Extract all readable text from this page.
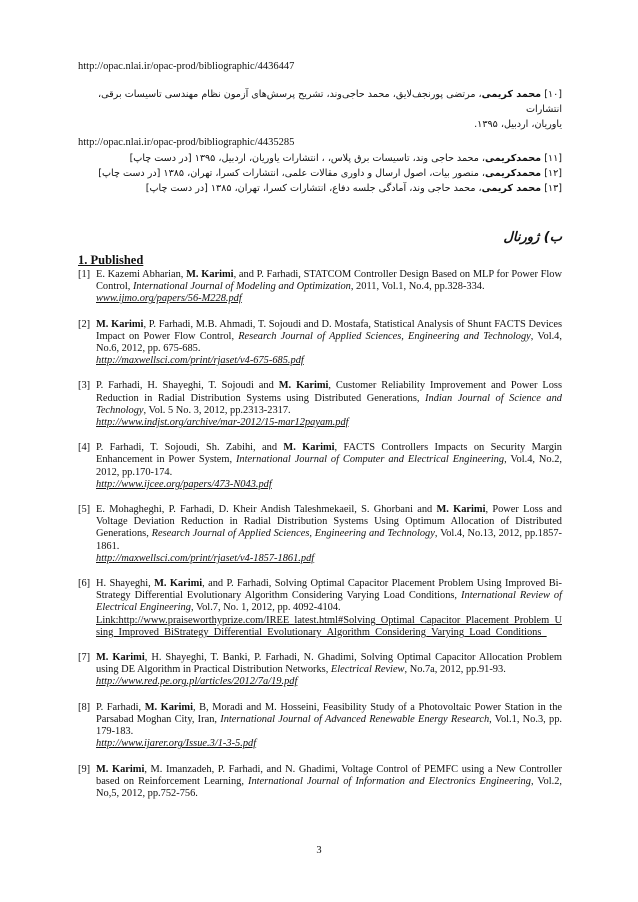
http://opac.nlai.ir/opac-prod/bibliographic/4436447

[۱۰] محمد کریمی، مرتضی پورنجف‌لایق، محمد حاجی‌وند، تشریح پرسش‌های آزمون نظام مهندسی تاسیسات برقی، انتشارات

یاوریان، اردبیل، ۱۳۹۵.

http://opac.nlai.ir/opac-prod/bibliographic/4435285

[۱۱] محمدکریمی، محمد حاجی وند، تاسیسات برق پلاس، ، انتشارات یاوریان، اردبیل، ۱۳۹۵ [در دست چاپ]

[۱۲] محمدکریمی، منصور بیات، اصول ارسال و داوری مقالات علمی، انتشارات کسرا، تهران، ۱۳۸۵ [در دست چاپ]

[۱۳] محمد کریمی، محمد حاجی وند، آمادگی جلسه دفاع، انتشارات کسرا، تهران، ۱۳۸۵ [در دست چاپ]

ب) ژورنال

1. Published

[1] E. Kazemi Abharian, M. Karimi, and P. Farhadi, STATCOM Controller Design Based on MLP for Power Flow Control, International Journal of Modeling and Optimization, 2011, Vol.1, No.4, pp.328-334.
www.ijmo.org/papers/56-M228.pdf
[2] M. Karimi, P. Farhadi, M.B. Ahmadi, T. Sojoudi and D. Mostafa, Statistical Analysis of Shunt FACTS Devices Impact on Power Flow Control, Research Journal of Applied Sciences, Engineering and Technology, Vol.4, No.6, 2012, pp. 675-685.
http://maxwellsci.com/print/rjaset/v4-675-685.pdf
[3] P. Farhadi, H. Shayeghi, T. Sojoudi and M. Karimi, Customer Reliability Improvement and Power Loss Reduction in Radial Distribution Systems using Distributed Generations, Indian Journal of Science and Technology, Vol. 5 No. 3, 2012, pp.2313-2317.
http://www.indjst.org/archive/mar-2012/15-mar12payam.pdf
[4] P. Farhadi, T. Sojoudi, Sh. Zabihi, and M. Karimi, FACTS Controllers Impacts on Security Margin Enhancement in Power System, International Journal of Computer and Electrical Engineering, Vol.4, No.2, 2012, pp.170-174.
http://www.ijcee.org/papers/473-N043.pdf
[5] E. Mohagheghi, P. Farhadi, D. Kheir Andish Taleshmekaeil, S. Ghorbani and M. Karimi, Power Loss and Voltage Deviation Reduction in Radial Distribution Systems Using Optimum Allocation of Distributed Generations, Research Journal of Applied Sciences, Engineering and Technology, Vol.4, No.13, 2012, pp.1857-1861.
http://maxwellsci.com/print/rjaset/v4-1857-1861.pdf
[6] H. Shayeghi, M. Karimi, and P. Farhadi, Solving Optimal Capacitor Placement Problem Using Improved Bi-Strategy Differential Evolutionary Algorithm Considering Varying Load Conditions, International Review of Electrical Engineering, Vol.7, No. 1, 2012, pp. 4092-4104.
Link:http://www.praiseworthyprize.com/IREE_latest.html#Solving_Optimal_Capacitor_Placement_Problem_Using_Improved_BiStrategy_Differential_Evolutionary_Algorithm_Considering_Varying_Load_Conditions_
[7] M. Karimi, H. Shayeghi, T. Banki, P. Farhadi, N. Ghadimi, Solving Optimal Capacitor Allocation Problem using DE Algorithm in Practical Distribution Networks, Electrical Review, No.7a, 2012, pp.91-93.
http://www.red.pe.org.pl/articles/2012/7a/19.pdf
[8] P. Farhadi, M. Karimi, B, Moradi and M. Hosseini, Feasibility Study of a Photovoltaic Power Station in the Parsabad Moghan City, Iran, International Journal of Advanced Renewable Energy Research, Vol.1, No.3, pp. 179-183.
http://www.ijarer.org/Issue.3/1-3-5.pdf
[9] M. Karimi, M. Imanzadeh, P. Farhadi, and N. Ghadimi, Voltage Control of PEMFC using a New Controller based on Reinforcement Learning, International Journal of Information and Electronics Engineering, Vol.2, No,5, 2012, pp.752-756.
3
